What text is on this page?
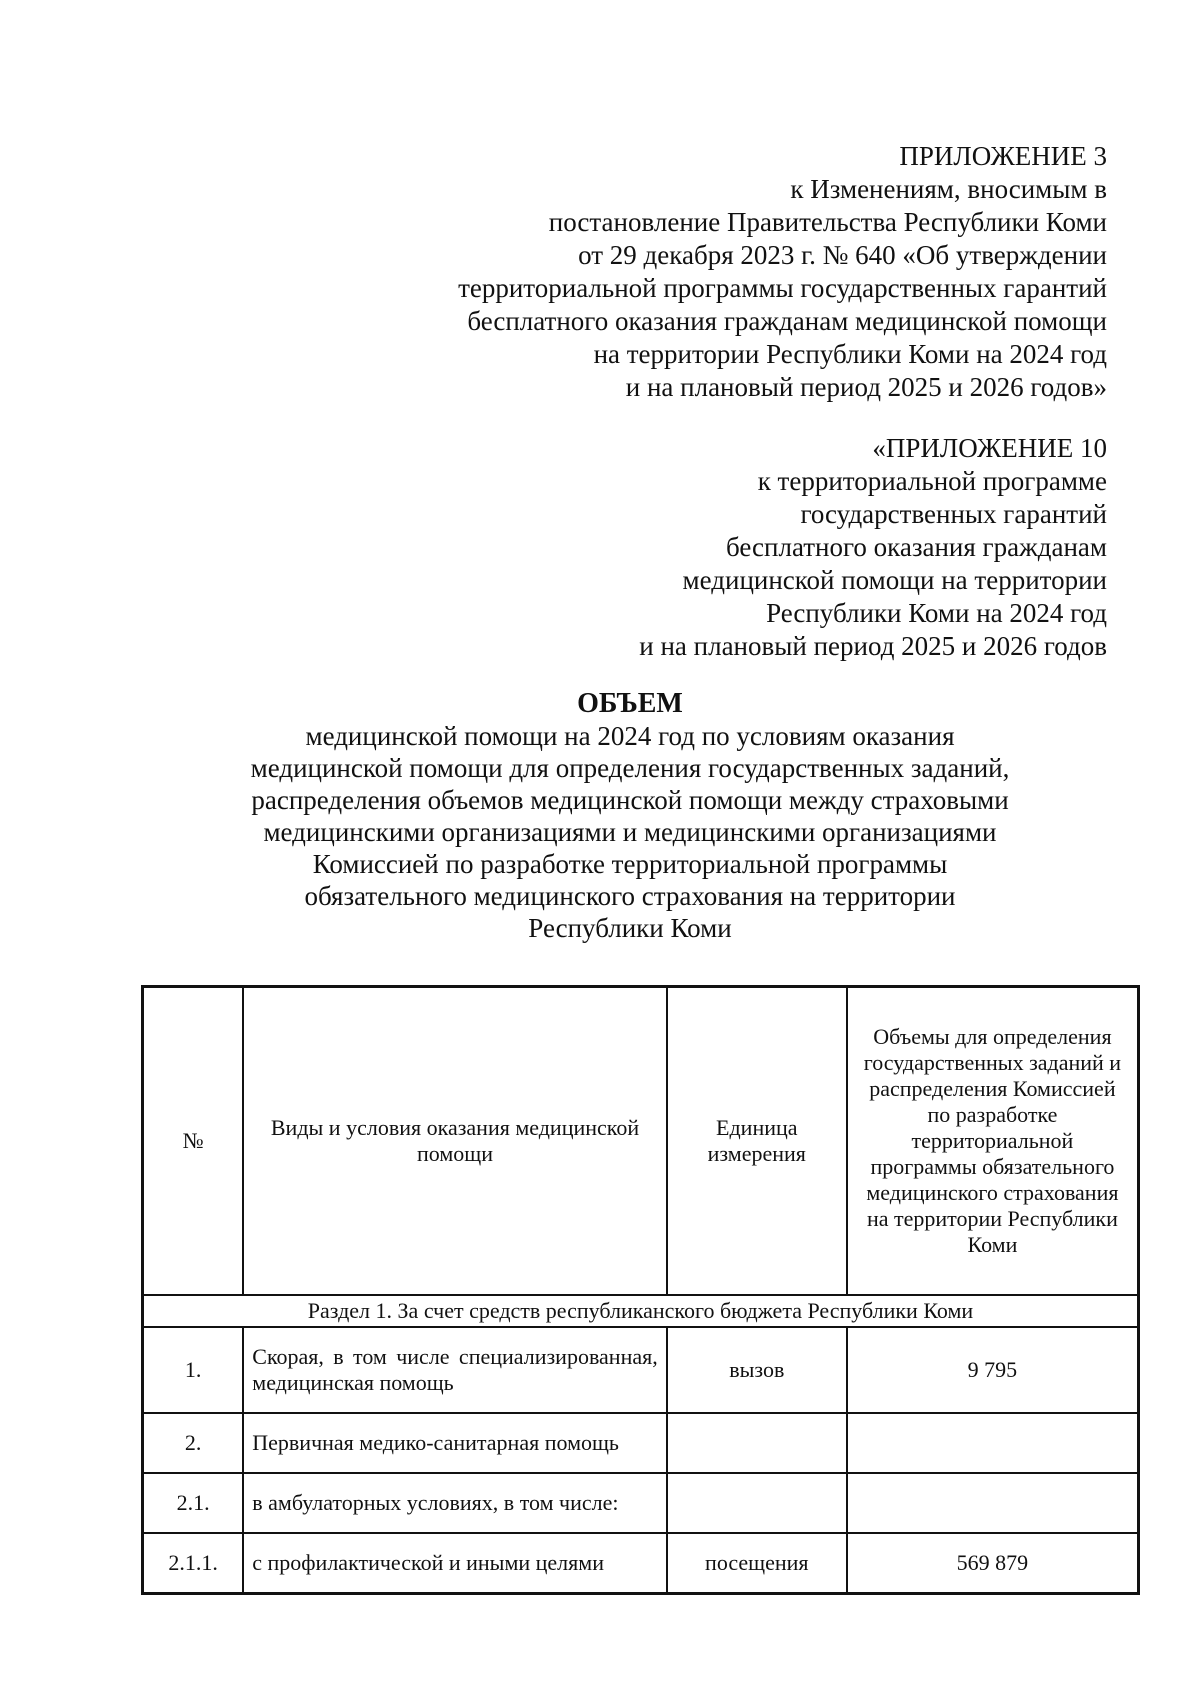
ПРИЛОЖЕНИЕ 3
к Изменениям, вносимым в
постановление Правительства Республики Коми
от 29 декабря 2023 г. № 640 «Об утверждении
территориальной программы государственных гарантий
бесплатного оказания гражданам медицинской помощи
на территории Республики Коми на 2024 год
и на плановый период 2025 и 2026 годов»
«ПРИЛОЖЕНИЕ 10
к территориальной программе
государственных гарантий
бесплатного оказания гражданам
медицинской помощи на территории
Республики Коми на 2024 год
и на плановый период 2025 и 2026 годов
ОБЪЕМ
медицинской помощи на 2024 год по условиям оказания
медицинской помощи для определения государственных заданий,
распределения объемов медицинской помощи между страховыми
медицинскими организациями и медицинскими организациями
Комиссией по разработке территориальной программы
обязательного медицинского страхования на территории
Республики Коми
№	Виды и условия оказания медицинской помощи	Единица измерения	Объемы для определения государственных заданий и распределения Комиссией по разработке территориальной программы обязательного медицинского страхования на территории Республики Коми
Раздел 1. За счет средств республиканского бюджета Республики Коми			
1.	Скорая, в том числе специализированная, медицинская помощь	вызов	9 795
2.	Первичная медико-санитарная помощь		

2.1.	в амбулаторных условиях, в том числе:		

2.1.1.	с профилактической и иными целями	посещения	569 879
